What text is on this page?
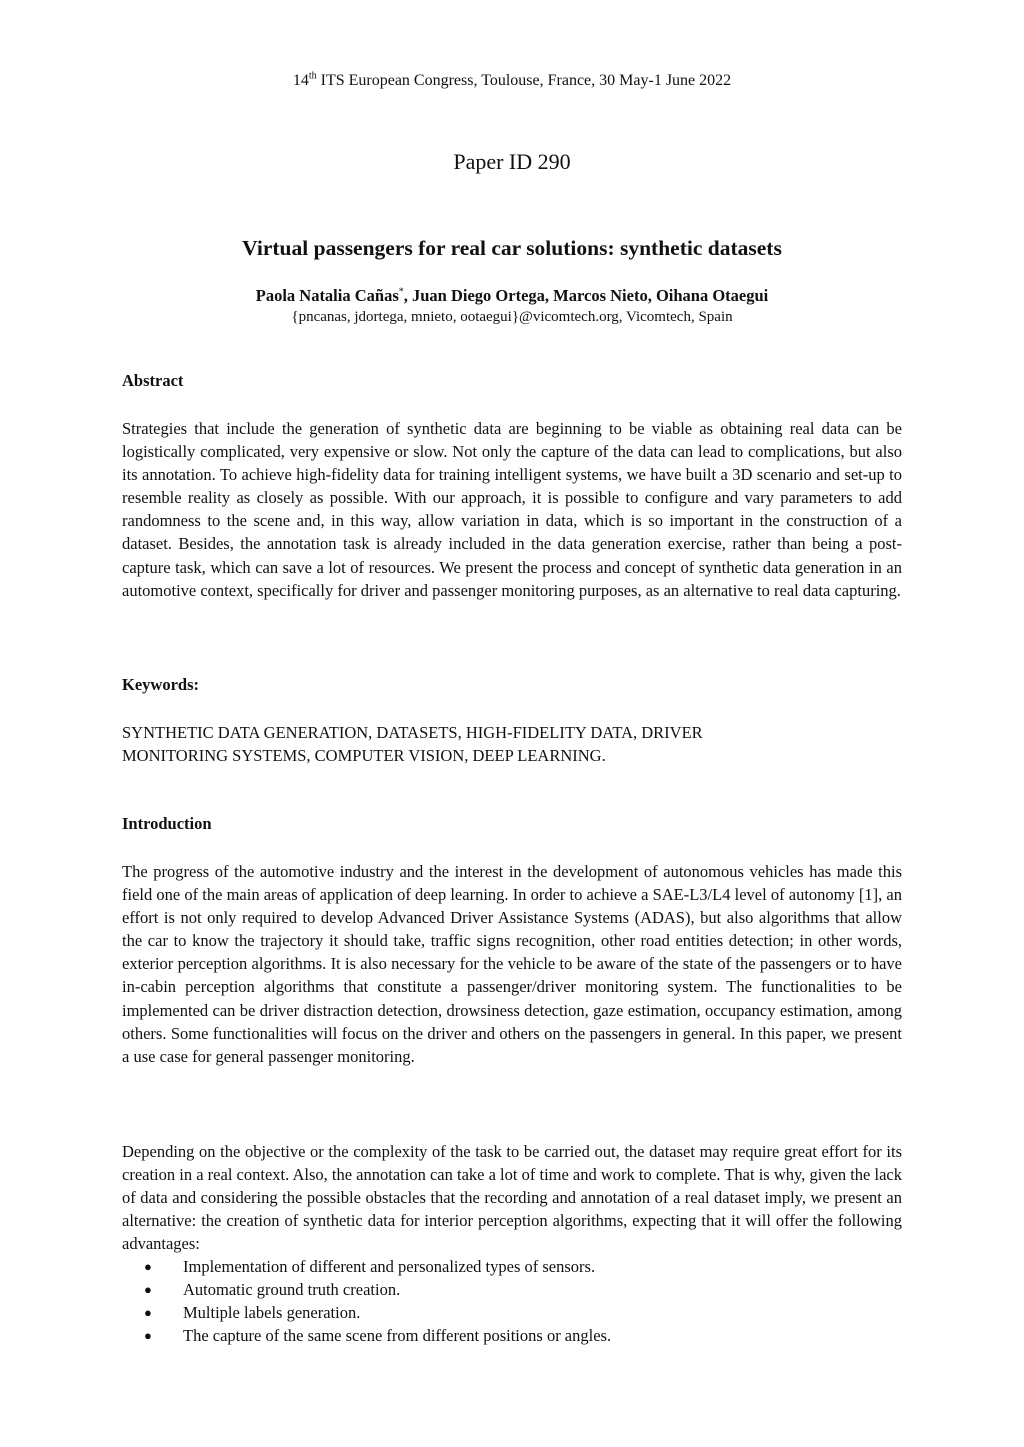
14th ITS European Congress, Toulouse, France, 30 May-1 June 2022
Paper ID 290
Virtual passengers for real car solutions: synthetic datasets
Paola Natalia Cañas*, Juan Diego Ortega, Marcos Nieto, Oihana Otaegui
{pncanas, jdortega, mnieto, ootaegui}@vicomtech.org, Vicomtech, Spain
Abstract
Strategies that include the generation of synthetic data are beginning to be viable as obtaining real data can be logistically complicated, very expensive or slow. Not only the capture of the data can lead to complications, but also its annotation. To achieve high-fidelity data for training intelligent systems, we have built a 3D scenario and set-up to resemble reality as closely as possible. With our approach, it is possible to configure and vary parameters to add randomness to the scene and, in this way, allow variation in data, which is so important in the construction of a dataset. Besides, the annotation task is already included in the data generation exercise, rather than being a post-capture task, which can save a lot of resources. We present the process and concept of synthetic data generation in an automotive context, specifically for driver and passenger monitoring purposes, as an alternative to real data capturing.
Keywords:
SYNTHETIC DATA GENERATION, DATASETS, HIGH-FIDELITY DATA, DRIVER
MONITORING SYSTEMS, COMPUTER VISION, DEEP LEARNING.
Introduction
The progress of the automotive industry and the interest in the development of autonomous vehicles has made this field one of the main areas of application of deep learning. In order to achieve a SAE-L3/L4 level of autonomy [1], an effort is not only required to develop Advanced Driver Assistance Systems (ADAS), but also algorithms that allow the car to know the trajectory it should take, traffic signs recognition, other road entities detection; in other words, exterior perception algorithms. It is also necessary for the vehicle to be aware of the state of the passengers or to have in-cabin perception algorithms that constitute a passenger/driver monitoring system. The functionalities to be implemented can be driver distraction detection, drowsiness detection, gaze estimation, occupancy estimation, among others. Some functionalities will focus on the driver and others on the passengers in general. In this paper, we present a use case for general passenger monitoring.
Depending on the objective or the complexity of the task to be carried out, the dataset may require great effort for its creation in a real context. Also, the annotation can take a lot of time and work to complete. That is why, given the lack of data and considering the possible obstacles that the recording and annotation of a real dataset imply, we present an alternative: the creation of synthetic data for interior perception algorithms, expecting that it will offer the following advantages:
● Implementation of different and personalized types of sensors.
● Automatic ground truth creation.
● Multiple labels generation.
● The capture of the same scene from different positions or angles.
